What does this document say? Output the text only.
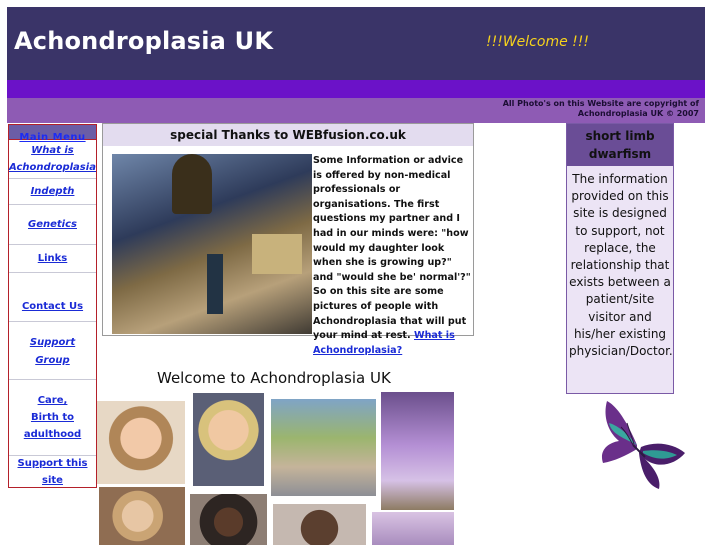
Achondroplasia UK	!!!Welcome !!!
All Photo's on this Website are copyright of
Achondroplasia UK © 2007
Main Menu
What is
Achondroplasia
Indepth
Genetics
Links
Contact Us
Support
Group
Care,
Birth to
adulthood
Support this site
special Thanks to WEBfusion.co.uk
Some Information or advice is offered by non-medical professionals or organisations. The first questions my partner and I had in our minds were: "how would my daughter look when she is growing up?" and "would she be' normal'?" So on this site are some pictures of people with Achondroplasia that will put your mind at rest. What is Achondroplasia?
short limb
dwarfism
The information provided on this site is designed to support, not replace, the relationship that exists between a patient/site visitor and his/her existing physician/Doctor.
Welcome to Achondroplasia UK
